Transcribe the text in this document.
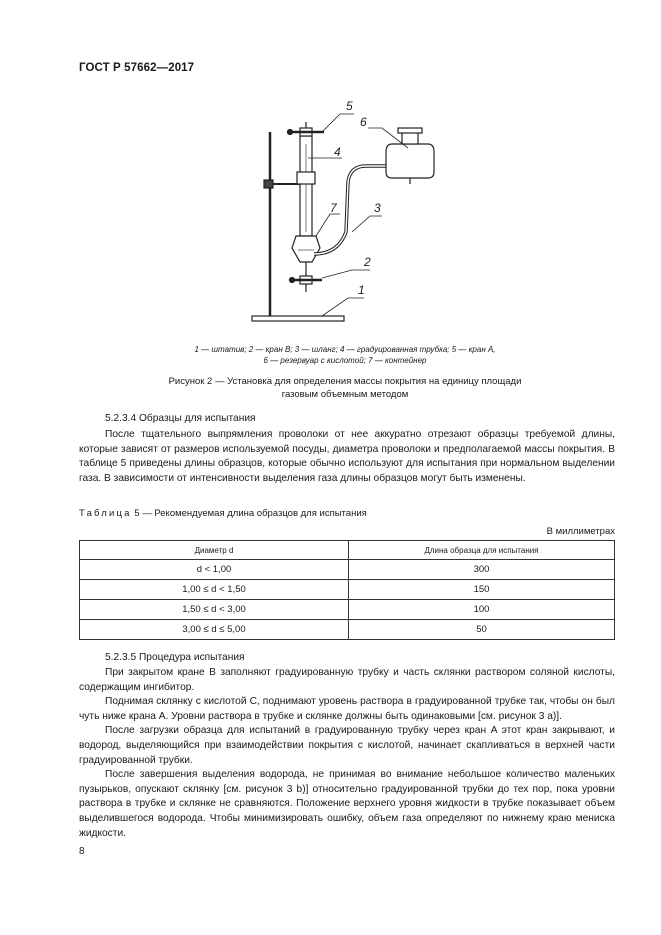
ГОСТ Р 57662—2017
5
6
4
7	3
2
1
1 — штатив; 2 — кран B; 3 — шланг; 4 — градуированная трубка; 5 — кран A,
6 — резервуар с кислотой; 7 — контейнер
Рисунок 2 — Установка для определения массы покрытия на единицу площади
газовым объемным методом
5.2.3.4 Образцы для испытания

После тщательного выпрямления проволоки от нее аккуратно отрезают образцы требуемой длины, которые зависят от размеров используемой посуды, диаметра проволоки и предполагаемой массы покрытия. В таблице 5 приведены длины образцов, которые обычно используют для испытания при нормальном выделении газа. В зависимости от интенсивности выделения газа длины образцов могут быть изменены.

Таблица 5 — Рекомендуемая длина образцов для испытания
В миллиметрах
Диаметр d	Длина образца для испытания
d < 1,00	300
1,00 ≤ d < 1,50	150
1,50 ≤ d < 3,00	100
3,00 ≤ d ≤ 5,00	50
5.2.3.5 Процедура испытания

При закрытом кране B заполняют градуированную трубку и часть склянки раствором соляной кислоты, содержащим ингибитор.

Поднимая склянку с кислотой C, поднимают уровень раствора в градуированной трубке так, чтобы он был чуть ниже крана A. Уровни раствора в трубке и склянке должны быть одинаковыми [см. рисунок 3 a)].

После загрузки образца для испытаний в градуированную трубку через кран A этот кран закрывают, и водород, выделяющийся при взаимодействии покрытия с кислотой, начинает скапливаться в верхней части градуированной трубки.

После завершения выделения водорода, не принимая во внимание небольшое количество маленьких пузырьков, опускают склянку [см. рисунок 3 b)] относительно градуированной трубки до тех пор, пока уровни раствора в трубке и склянке не сравняются. Положение верхнего уровня жидкости в трубке показывает объем выделившегося водорода. Чтобы минимизировать ошибку, объем газа определяют по нижнему краю мениска жидкости.

8
